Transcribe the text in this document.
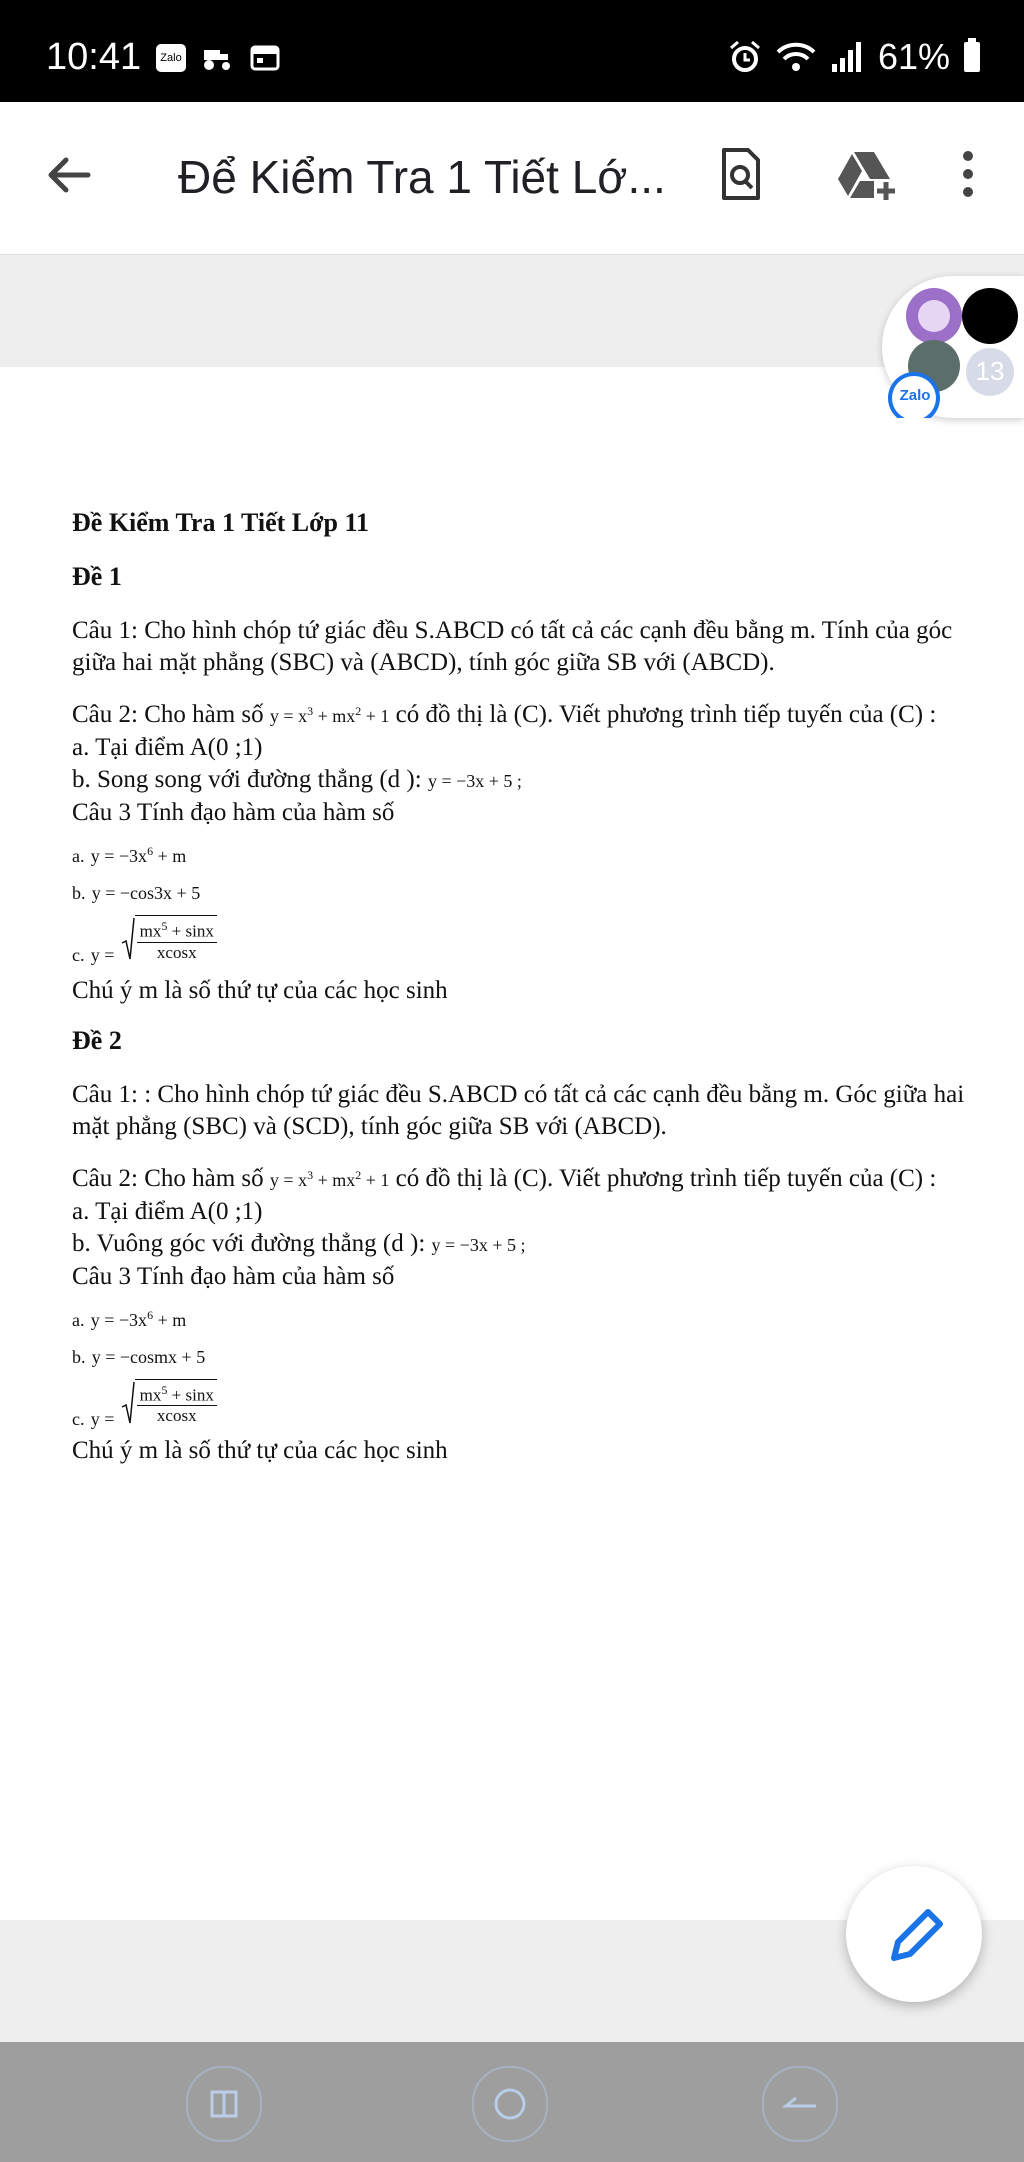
10:41	Zalo	61%
Để Kiểm Tra 1 Tiết Lớ...
Đề Kiểm Tra 1 Tiết Lớp 11
Đề 1

Câu 1: Cho hình chóp tứ giác đều S.ABCD có tất cả các cạnh đều bằng m. Tính của góc giữa hai mặt phẳng (SBC) và (ABCD), tính góc giữa SB với (ABCD).

Câu 2: Cho hàm số $y = x^3 + mx^2 + 1$ có đồ thị là (C). Viết phương trình tiếp tuyến của (C) :

a. Tại điểm A(0 ;1)
b. Song song với đường thẳng (d ): y = −3x + 5 ;
Câu 3 Tính đạo hàm của hàm số
a. $y = -3x^6 + m$
b. y = −cos3x + 5
c. $y = \frac{mx^5 + \sin x}{xcosx}$

Chú ý m là số thứ tự của các học sinh

Đề 2

Câu 1: : Cho hình chóp tứ giác đều S.ABCD có tất cả các cạnh đều bằng m. Góc giữa hai mặt phẳng (SBC) và (SCD), tính góc giữa SB với (ABCD).

Câu 2: Cho hàm số $y = x^3 + mx^2 + 1$ có đồ thị là (C). Viết phương trình tiếp tuyến của (C) :

a. Tại điểm A(0 ;1)
b. Vuông góc với đường thẳng (d ): y = −3x + 5 ;
Câu 3 Tính đạo hàm của hàm số
a. $y = -3x^6 + m$
b. y = −cosmx + 5
c. $y = \frac{mx^5 + \sin x}{xcosx}$

Chú ý m là số thứ tự của các học sinh

13
Zalo
